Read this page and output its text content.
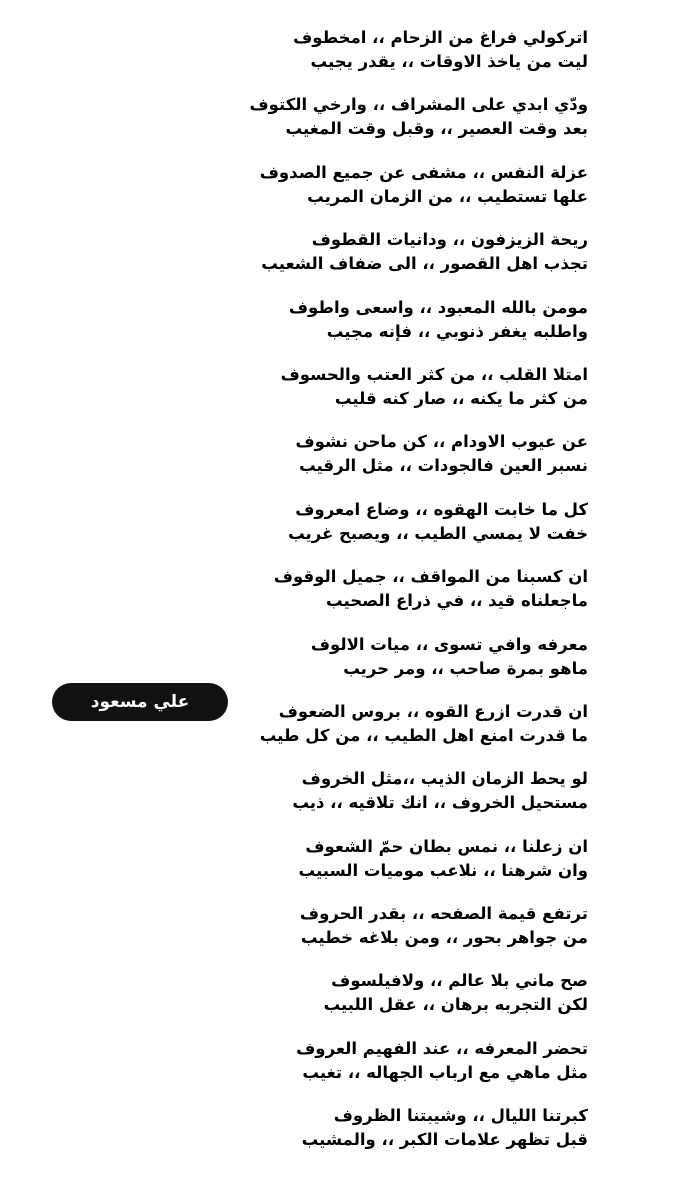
اتركولي فراغ من الزحام ،، امخطوف
ليت من ياخذ الاوقات ،، يقدر يجيب
ودّي ابدي على المشراف ،، وارخي الكتوف
بعد وقت العصير ،، وقبل وقت المغيب
عزلة النفس ،، مشفى عن جميع الصدوف
علها تستطيب ،، من الزمان المريب
ريحة الزيزفون ،، ودانيات القطوف
تجذب اهل القصور ،، الى ضفاف الشعيب
مومن بالله المعبود ،، واسعى واطوف
واطلبه يغفر ذنوبي ،، فإنه مجيب
امتلا القلب ،، من كثر العتب والحسوف
من كثر ما يكنه ،، صار كنه قليب
عن عيوب الاودام ،، كن ماحن نشوف
نسبر العين فالجودات ،، مثل الرقيب
كل ما خابت الهقوه ،، وضاع امعروف
خفت لا يمسي الطيب ،، ويصبح غريب
ان كسبنا من المواقف ،، جميل الوقوف
ماجعلناه قيد ،، في ذراع الصحيب
معرفه وافي تسوى ،، ميات الالوف
ماهو بمرة صاحب ،، ومر حريب
ان قدرت ازرع القوه ،، بروس الضعوف
ما قدرت امنع اهل الطيب ،، من كل طيب
لو يحط الزمان الذيب ،،مثل الخروف
مستحيل الخروف ،، انك تلاقيه ،، ذيب
ان زعلنا ،، نمس بطان حمّ الشعوف
وان شرهنا ،، نلاعب موميات السبيب
ترتفع قيمة الصفحه ،، بقدر الحروف
من جواهر بحور ،، ومن بلاغه خطيب
صح ماني بلا عالم ،، ولافيلسوف
لكن التجربه برهان ،، عقل اللبيب
تحضر المعرفه ،، عند الفهيم العروف
مثل ماهي مع ارباب الجهاله ،، تغيب
كبرتنا الليال ،، وشيبتنا الظروف
قبل تظهر علامات الكبر ،، والمشيب
علي مسعود
